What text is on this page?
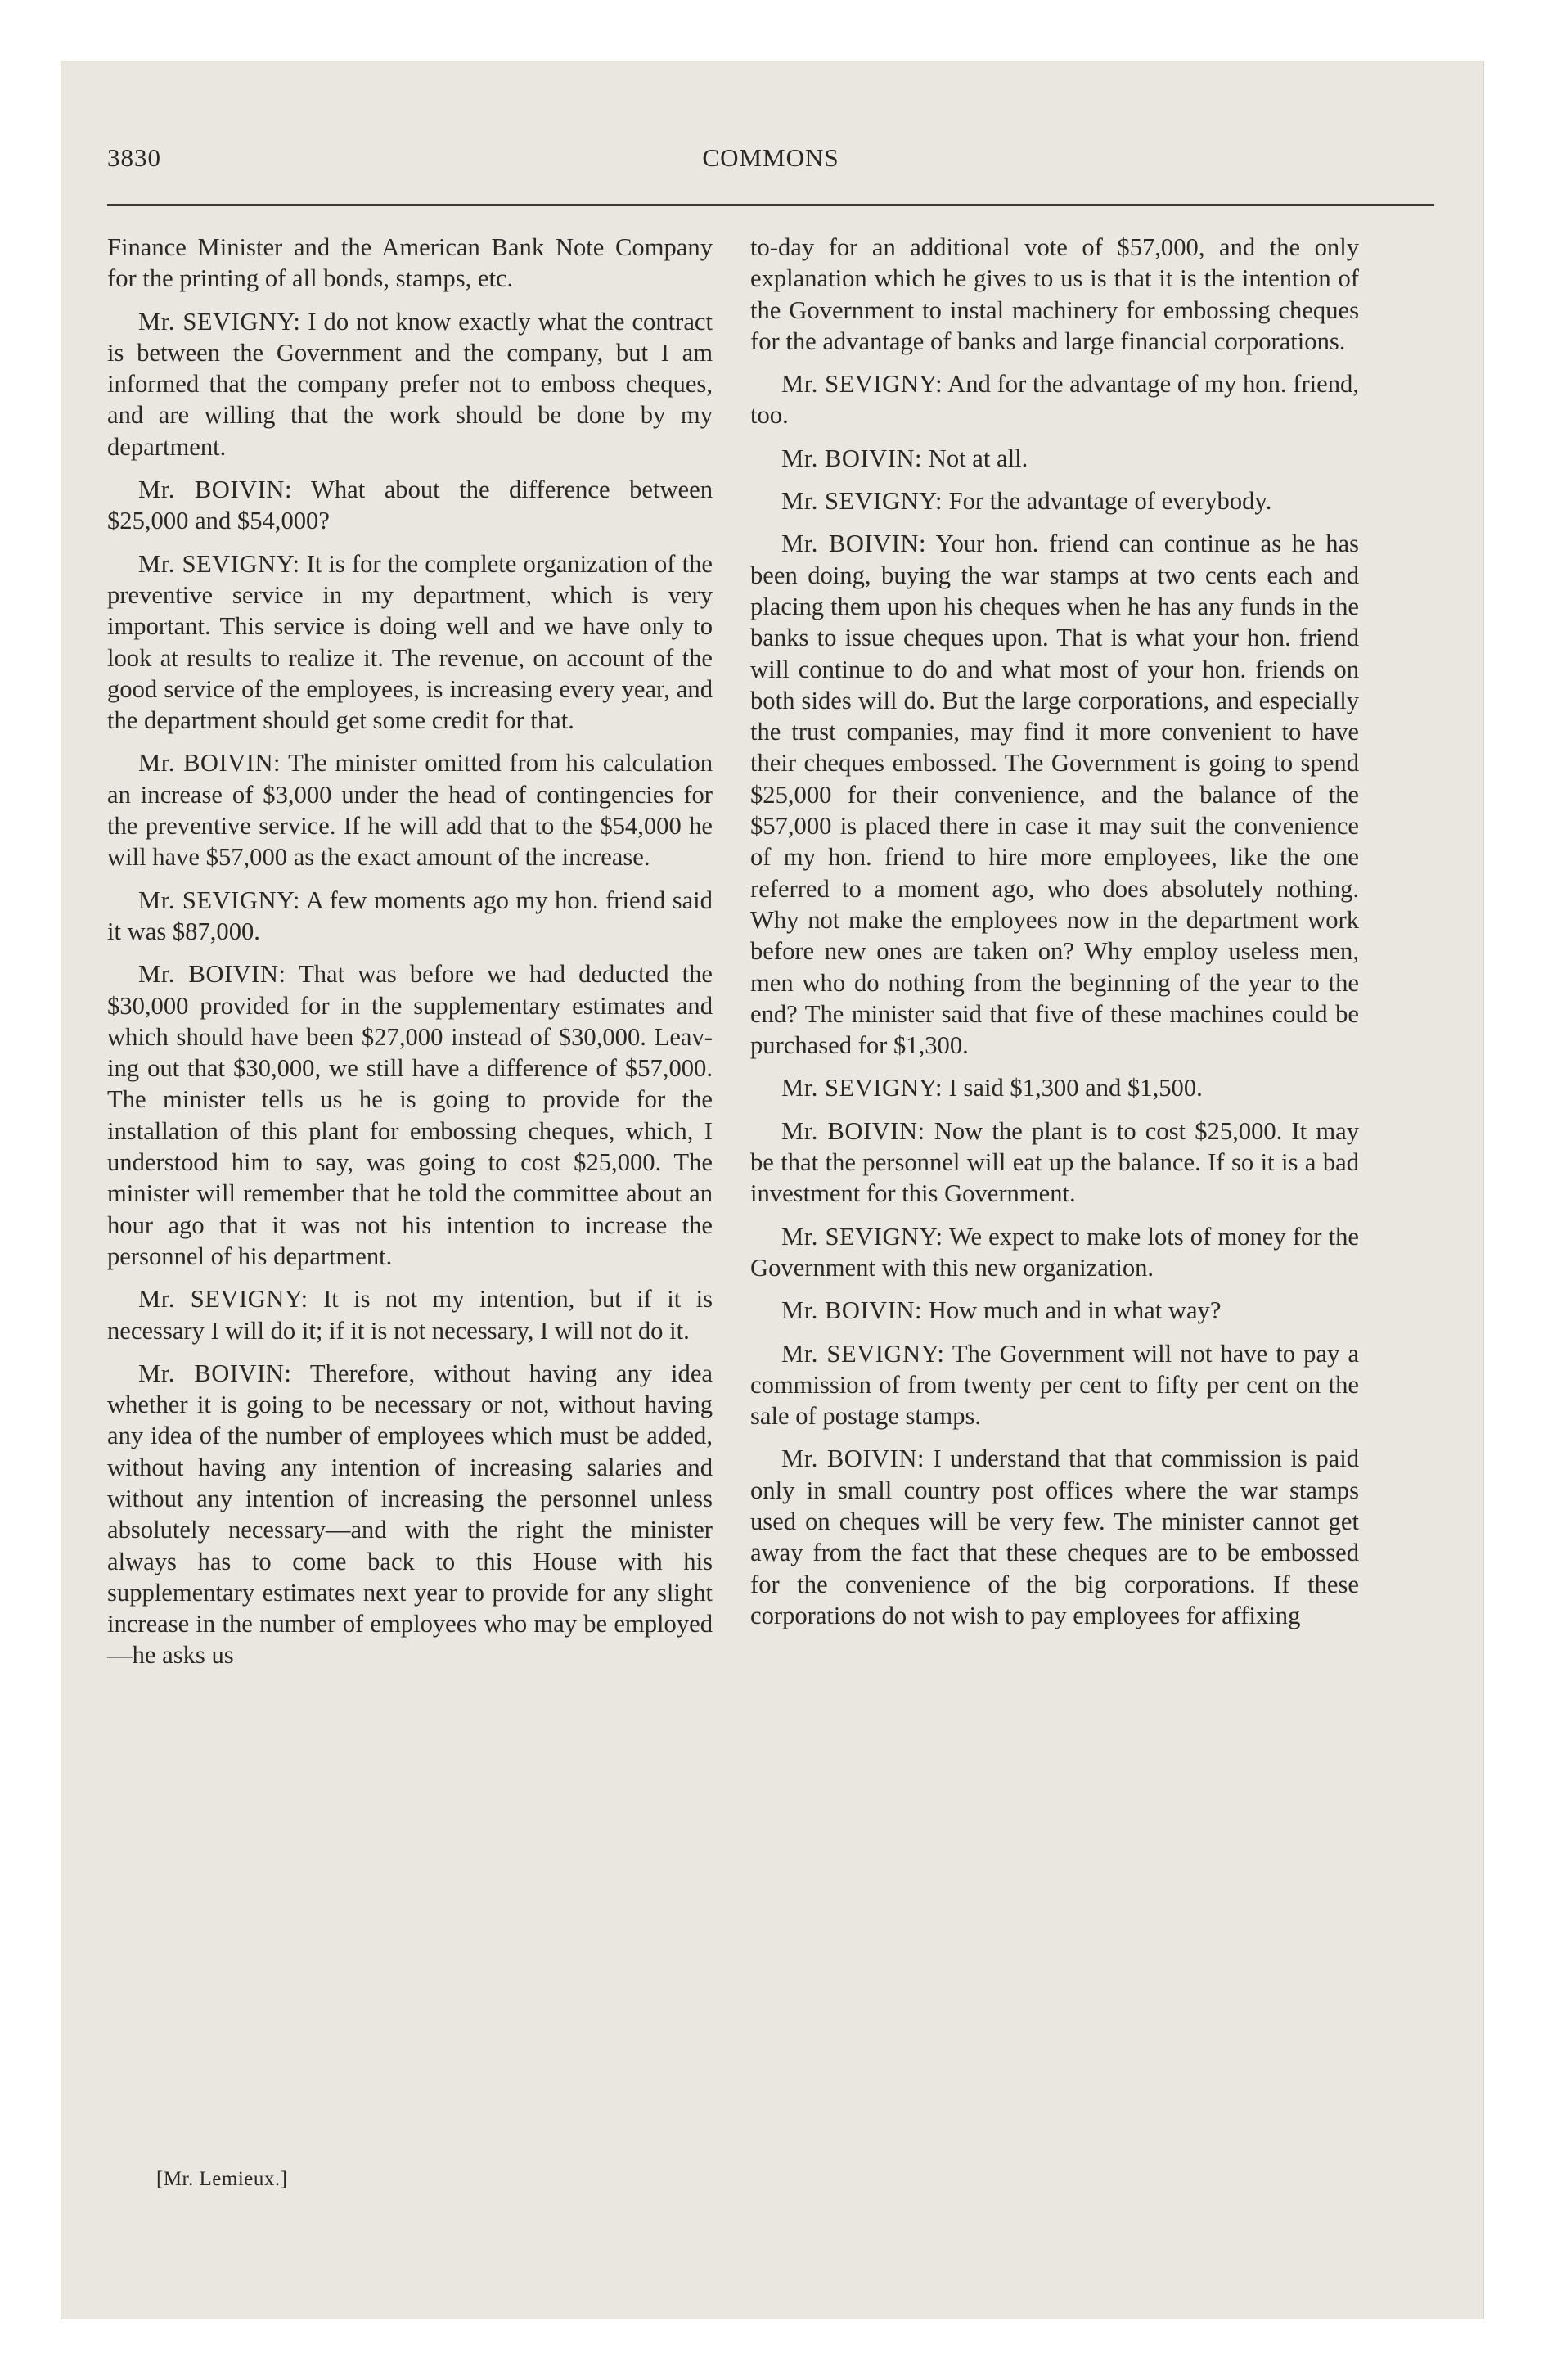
3830	COMMONS

Finance Minister and the American Bank Note Company for the printing of all bonds, stamps, etc.

Mr. SEVIGNY: I do not know exactly what the contract is between the Government and the company, but I am informed that the company prefer not to emboss cheques, and are willing that the work should be done by my department.

Mr. BOIVIN: What about the difference between $25,000 and $54,000?

Mr. SEVIGNY: It is for the complete organization of the preventive service in my department, which is very important. This service is doing well and we have only to look at results to realize it. The revenue, on account of the good service of the employees, is increasing every year, and the department should get some credit for that.

Mr. BOIVIN: The minister omitted from his calculation an increase of $3,000 under the head of contingencies for the preventive service. If he will add that to the $54,000 he will have $57,000 as the exact amount of the increase.

Mr. SEVIGNY: A few moments ago my hon. friend said it was $87,000.

Mr. BOIVIN: That was before we had deducted the $30,000 provided for in the supplementary estimates and which should have been $27,000 instead of $30,000. Leaving out that $30,000, we still have a difference of $57,000. The minister tells us he is going to provide for the installation of this plant for embossing cheques, which, I understood him to say, was going to cost $25,000. The minister will remember that he told the committee about an hour ago that it was not his intention to increase the personnel of his department.

Mr. SEVIGNY: It is not my intention, but if it is necessary I will do it; if it is not necessary, I will not do it.

Mr. BOIVIN: Therefore, without having any idea whether it is going to be necessary or not, without having any idea of the number of employees which must be added, without having any intention of increasing salaries and without any intention of increasing the personnel unless absolutely necessary—and with the right the minister always has to come back to this House with his supplementary estimates next year to provide for any slight increase in the number of employees who may be employed—he asks us

to-day for an additional vote of $57,000, and the only explanation which he gives to us is that it is the intention of the Government to instal machinery for embossing cheques for the advantage of banks and large financial corporations.

Mr. SEVIGNY: And for the advantage of my hon. friend, too.

Mr. BOIVIN: Not at all.

Mr. SEVIGNY: For the advantage of everybody.

Mr. BOIVIN: Your hon. friend can continue as he has been doing, buying the war stamps at two cents each and placing them upon his cheques when he has any funds in the banks to issue cheques upon. That is what your hon. friend will continue to do and what most of your hon. friends on both sides will do. But the large corporations, and especially the trust companies, may find it more convenient to have their cheques embossed. The Government is going to spend $25,000 for their convenience, and the balance of the $57,000 is placed there in case it may suit the convenience of my hon. friend to hire more employees, like the one referred to a moment ago, who does absolutely nothing. Why not make the employees now in the department work before new ones are taken on? Why employ useless men, men who do nothing from the beginning of the year to the end? The minister said that five of these machines could be purchased for $1,300.

Mr. SEVIGNY: I said $1,300 and $1,500.

Mr. BOIVIN: Now the plant is to cost $25,000. It may be that the personnel will eat up the balance. If so it is a bad investment for this Government.

Mr. SEVIGNY: We expect to make lots of money for the Government with this new organization.

Mr. BOIVIN: How much and in what way?

Mr. SEVIGNY: The Government will not have to pay a commission of from twenty per cent to fifty per cent on the sale of postage stamps.

Mr. BOIVIN: I understand that that commission is paid only in small country post offices where the war stamps used on cheques will be very few. The minister cannot get away from the fact that these cheques are to be embossed for the convenience of the big corporations. If these corporations do not wish to pay employees for affixing

[Mr. Lemieux.]
